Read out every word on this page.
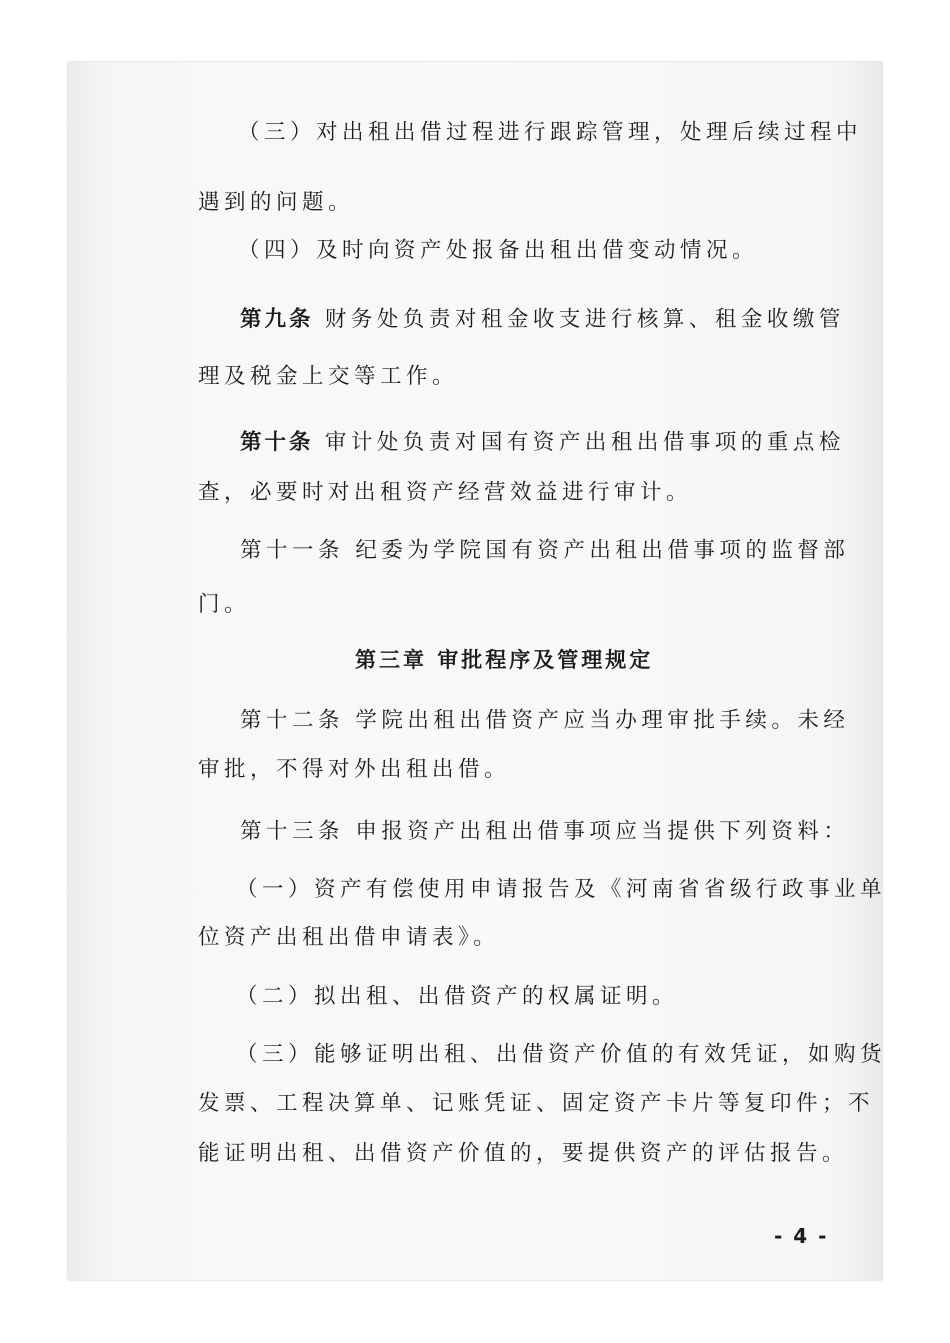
（三）对出租出借过程进行跟踪管理，处理后续过程中
遇到的问题。
（四）及时向资产处报备出租出借变动情况。
第九条 财务处负责对租金收支进行核算、租金收缴管
理及税金上交等工作。
第十条 审计处负责对国有资产出租出借事项的重点检
查，必要时对出租资产经营效益进行审计。
第十一条 纪委为学院国有资产出租出借事项的监督部
门。
第三章 审批程序及管理规定
第十二条 学院出租出借资产应当办理审批手续。未经
审批，不得对外出租出借。
第十三条 申报资产出租出借事项应当提供下列资料：
（一）资产有偿使用申请报告及《河南省省级行政事业单
位资产出租出借申请表》。
（二）拟出租、出借资产的权属证明。
（三）能够证明出租、出借资产价值的有效凭证，如购货
发票、工程决算单、记账凭证、固定资产卡片等复印件；不
能证明出租、出借资产价值的，要提供资产的评估报告。
- 4 -
